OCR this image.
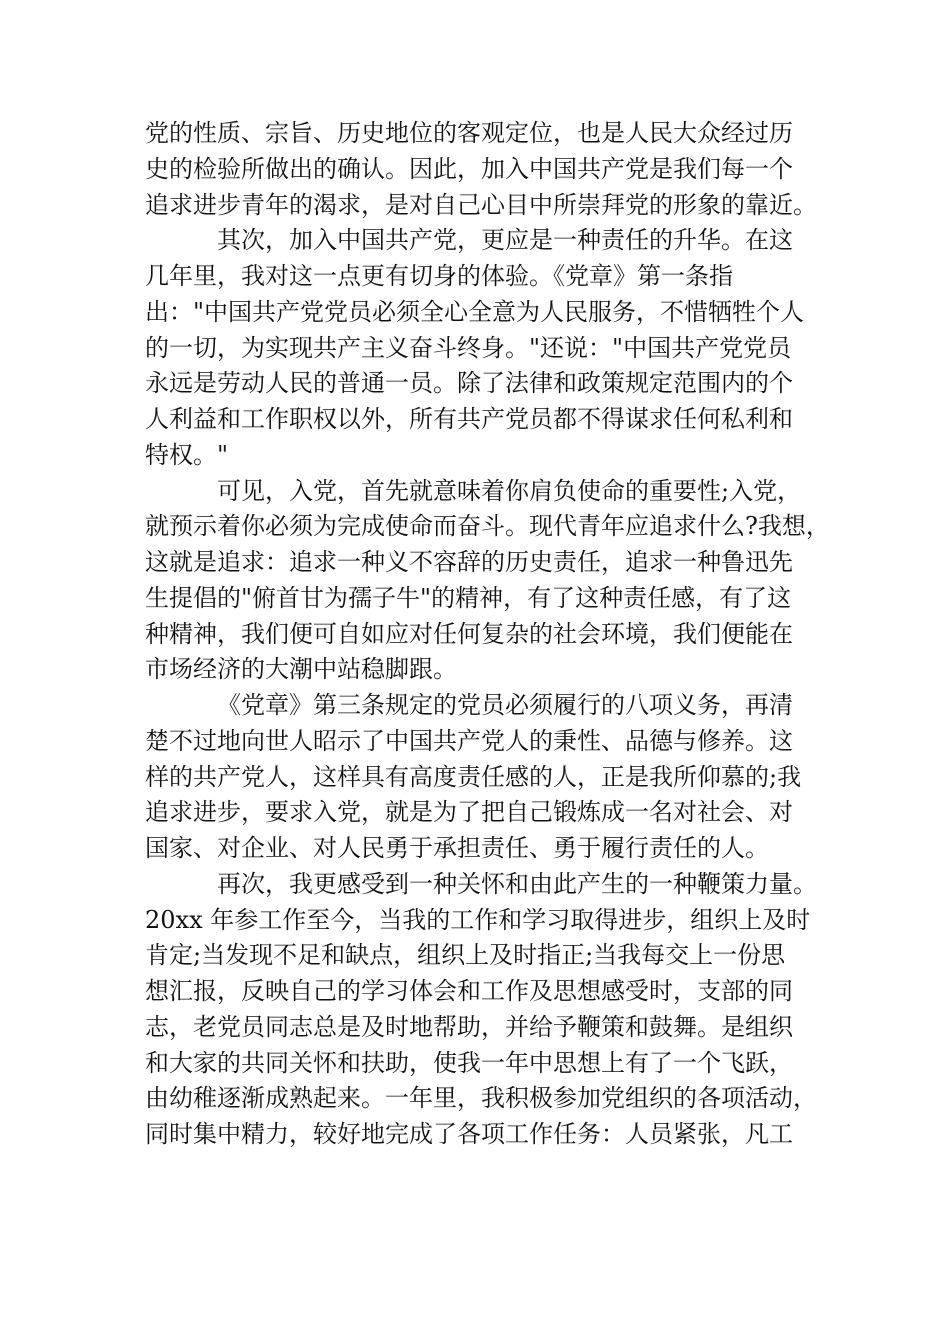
党的性质、宗旨、历史地位的客观定位，也是人民大众经过历
史的检验所做出的确认。因此，加入中国共产党是我们每一个
追求进步青年的渴求，是对自己心目中所崇拜党的形象的靠近。
其次，加入中国共产党，更应是一种责任的升华。在这
几年里，我对这一点更有切身的体验。《党章》第一条指
出："中国共产党党员必须全心全意为人民服务，不惜牺牲个人
的一切，为实现共产主义奋斗终身。"还说："中国共产党党员
永远是劳动人民的普通一员。除了法律和政策规定范围内的个
人利益和工作职权以外，所有共产党员都不得谋求任何私利和
特权。"
可见，入党，首先就意味着你肩负使命的重要性;入党，
就预示着你必须为完成使命而奋斗。现代青年应追求什么?我想，
这就是追求：追求一种义不容辞的历史责任，追求一种鲁迅先
生提倡的"俯首甘为孺子牛"的精神，有了这种责任感，有了这
种精神，我们便可自如应对任何复杂的社会环境，我们便能在
市场经济的大潮中站稳脚跟。
《党章》第三条规定的党员必须履行的八项义务，再清
楚不过地向世人昭示了中国共产党人的秉性、品德与修养。这
样的共产党人，这样具有高度责任感的人，正是我所仰慕的;我
追求进步，要求入党，就是为了把自己锻炼成一名对社会、对
国家、对企业、对人民勇于承担责任、勇于履行责任的人。
再次，我更感受到一种关怀和由此产生的一种鞭策力量。
20xx 年参工作至今，当我的工作和学习取得进步，组织上及时
肯定;当发现不足和缺点，组织上及时指正;当我每交上一份思
想汇报，反映自己的学习体会和工作及思想感受时，支部的同
志，老党员同志总是及时地帮助，并给予鞭策和鼓舞。是组织
和大家的共同关怀和扶助，使我一年中思想上有了一个飞跃，
由幼稚逐渐成熟起来。一年里，我积极参加党组织的各项活动，
同时集中精力，较好地完成了各项工作任务：人员紧张，凡工
